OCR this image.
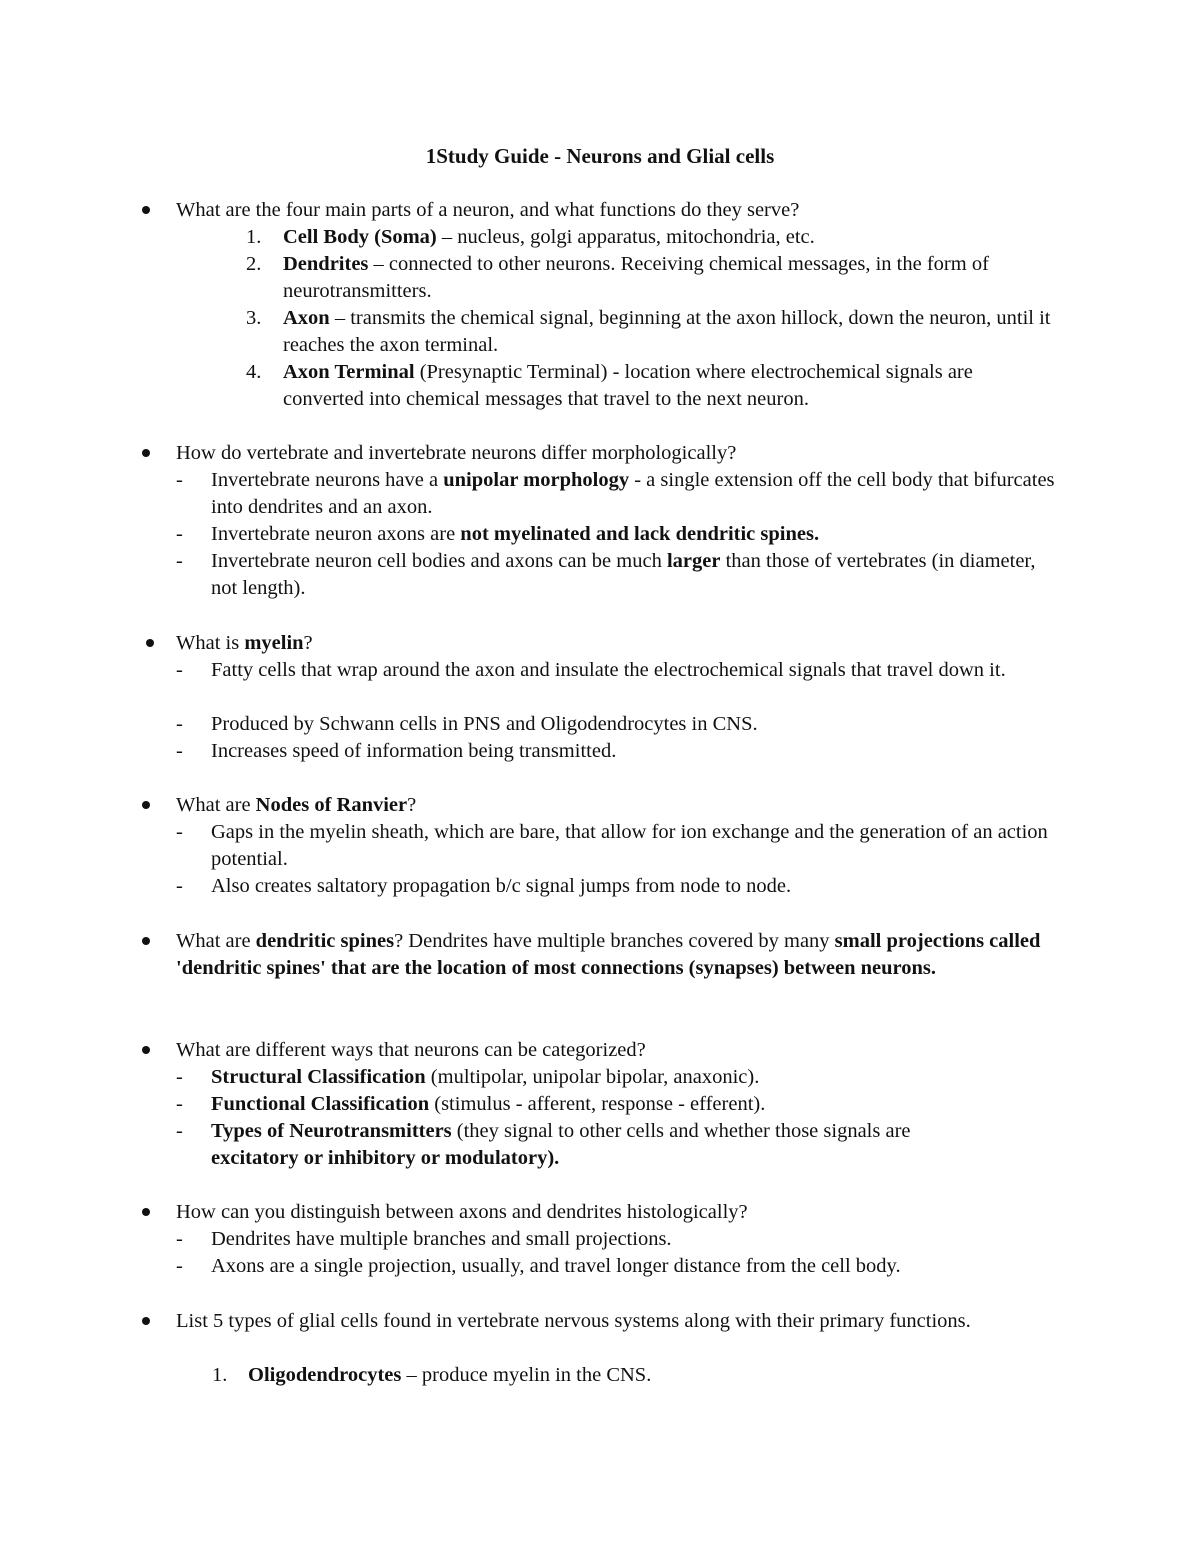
1Study Guide - Neurons and Glial cells
What are the four main parts of a neuron, and what functions do they serve?
1.	Cell Body (Soma) – nucleus, golgi apparatus, mitochondria, etc.
2.	Dendrites – connected to other neurons. Receiving chemical messages, in the form of neurotransmitters.
3.	Axon – transmits the chemical signal, beginning at the axon hillock, down the neuron, until it reaches the axon terminal.
4.	Axon Terminal (Presynaptic Terminal) - location where electrochemical signals are converted into chemical messages that travel to the next neuron.
How do vertebrate and invertebrate neurons differ morphologically?
-	Invertebrate neurons have a unipolar morphology - a single extension off the cell body that bifurcates into dendrites and an axon.
-	Invertebrate neuron axons are not myelinated and lack dendritic spines.
-	Invertebrate neuron cell bodies and axons can be much larger than those of vertebrates (in diameter, not length).
What is myelin?
-	Fatty cells that wrap around the axon and insulate the electrochemical signals that travel down it.
-	Produced by Schwann cells in PNS and Oligodendrocytes in CNS.
-	Increases speed of information being transmitted.
What are Nodes of Ranvier?
-	Gaps in the myelin sheath, which are bare, that allow for ion exchange and the generation of an action potential.
-	Also creates saltatory propagation b/c signal jumps from node to node.
What are dendritic spines? Dendrites have multiple branches covered by many small projections called 'dendritic spines' that are the location of most connections (synapses) between neurons.
What are different ways that neurons can be categorized?
-	Structural Classification (multipolar, unipolar bipolar, anaxonic).
-	Functional Classification (stimulus - afferent, response - efferent).
-	Types of Neurotransmitters (they signal to other cells and whether those signals are excitatory or inhibitory or modulatory).
How can you distinguish between axons and dendrites histologically?
-	Dendrites have multiple branches and small projections.
-	Axons are a single projection, usually, and travel longer distance from the cell body.
List 5 types of glial cells found in vertebrate nervous systems along with their primary functions.
1.	Oligodendrocytes – produce myelin in the CNS.
